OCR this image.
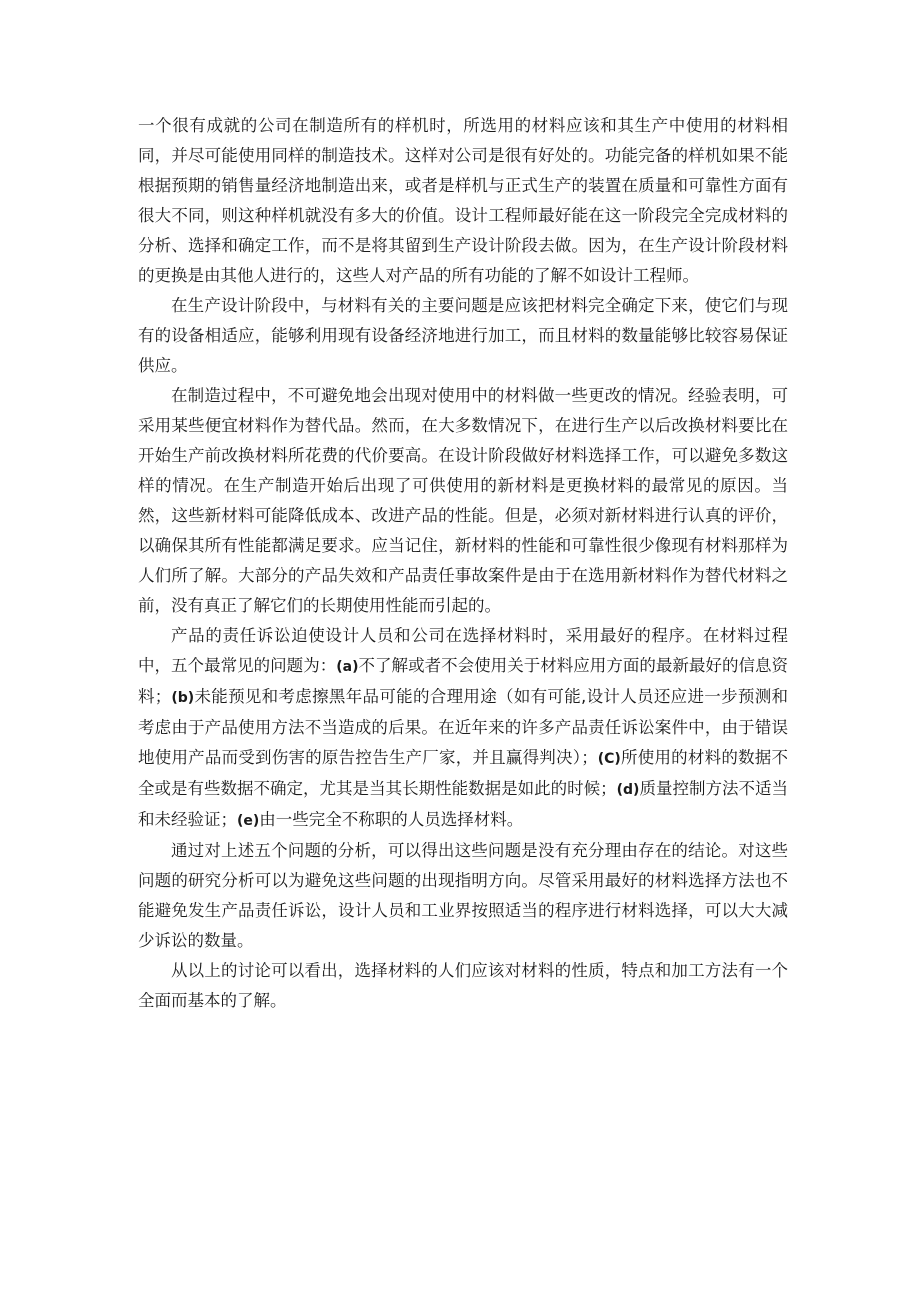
一个很有成就的公司在制造所有的样机时，所选用的材料应该和其生产中使用的材料相同，并尽可能使用同样的制造技术。这样对公司是很有好处的。功能完备的样机如果不能根据预期的销售量经济地制造出来，或者是样机与正式生产的装置在质量和可靠性方面有很大不同，则这种样机就没有多大的价值。设计工程师最好能在这一阶段完全完成材料的分析、选择和确定工作，而不是将其留到生产设计阶段去做。因为，在生产设计阶段材料的更换是由其他人进行的，这些人对产品的所有功能的了解不如设计工程师。

在生产设计阶段中，与材料有关的主要问题是应该把材料完全确定下来，使它们与现有的设备相适应，能够利用现有设备经济地进行加工，而且材料的数量能够比较容易保证供应。

在制造过程中，不可避免地会出现对使用中的材料做一些更改的情况。经验表明，可采用某些便宜材料作为替代品。然而，在大多数情况下，在进行生产以后改换材料要比在开始生产前改换材料所花费的代价要高。在设计阶段做好材料选择工作，可以避免多数这样的情况。在生产制造开始后出现了可供使用的新材料是更换材料的最常见的原因。当然，这些新材料可能降低成本、改进产品的性能。但是，必须对新材料进行认真的评价，以确保其所有性能都满足要求。应当记住，新材料的性能和可靠性很少像现有材料那样为人们所了解。大部分的产品失效和产品责任事故案件是由于在选用新材料作为替代材料之前，没有真正了解它们的长期使用性能而引起的。

产品的责任诉讼迫使设计人员和公司在选择材料时，采用最好的程序。在材料过程中，五个最常见的问题为：(a)不了解或者不会使用关于材料应用方面的最新最好的信息资料；(b)未能预见和考虑擦黑年品可能的合理用途（如有可能,设计人员还应进一步预测和考虑由于产品使用方法不当造成的后果。在近年来的许多产品责任诉讼案件中，由于错误地使用产品而受到伤害的原告控告生产厂家，并且赢得判决）；(C)所使用的材料的数据不全或是有些数据不确定，尤其是当其长期性能数据是如此的时候；(d)质量控制方法不适当和未经验证；(e)由一些完全不称职的人员选择材料。

通过对上述五个问题的分析，可以得出这些问题是没有充分理由存在的结论。对这些问题的研究分析可以为避免这些问题的出现指明方向。尽管采用最好的材料选择方法也不能避免发生产品责任诉讼，设计人员和工业界按照适当的程序进行材料选择，可以大大减少诉讼的数量。

从以上的讨论可以看出，选择材料的人们应该对材料的性质，特点和加工方法有一个全面而基本的了解。
